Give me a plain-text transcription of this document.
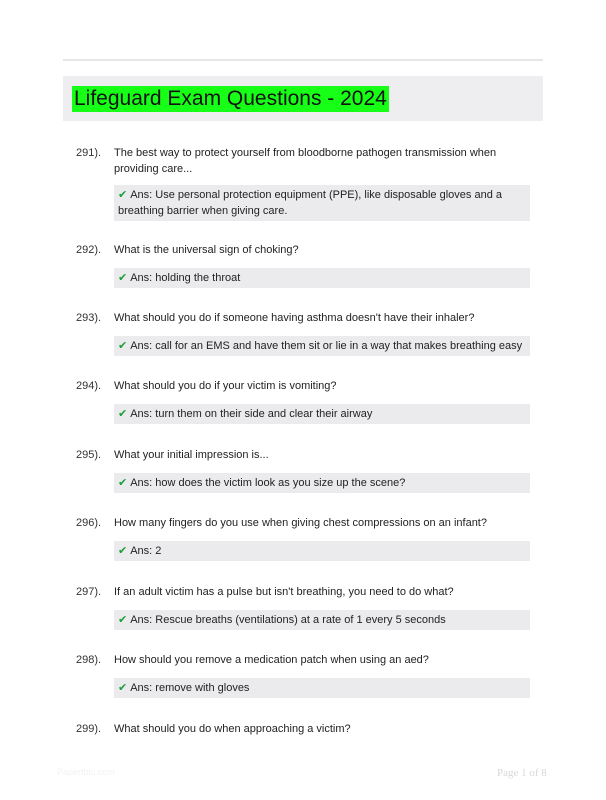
Lifeguard Exam Questions - 2024
291). The best way to protect yourself from bloodborne pathogen transmission when providing care...
✔ Ans: Use personal protection equipment (PPE), like disposable gloves and a breathing barrier when giving care.
292). What is the universal sign of choking?
✔ Ans: holding the throat
293). What should you do if someone having asthma doesn't have their inhaler?
✔ Ans: call for an EMS and have them sit or lie in a way that makes breathing easy
294). What should you do if your victim is vomiting?
✔ Ans: turn them on their side and clear their airway
295). What your initial impression is...
✔ Ans: how does the victim look as you size up the scene?
296). How many fingers do you use when giving chest compressions on an infant?
✔ Ans: 2
297). If an adult victim has a pulse but isn't breathing, you need to do what?
✔ Ans: Rescue breaths (ventilations) at a rate of 1 every 5 seconds
298). How should you remove a medication patch when using an aed?
✔ Ans: remove with gloves
299). What should you do when approaching a victim?
Papertblc.com	Page 1 of 8
